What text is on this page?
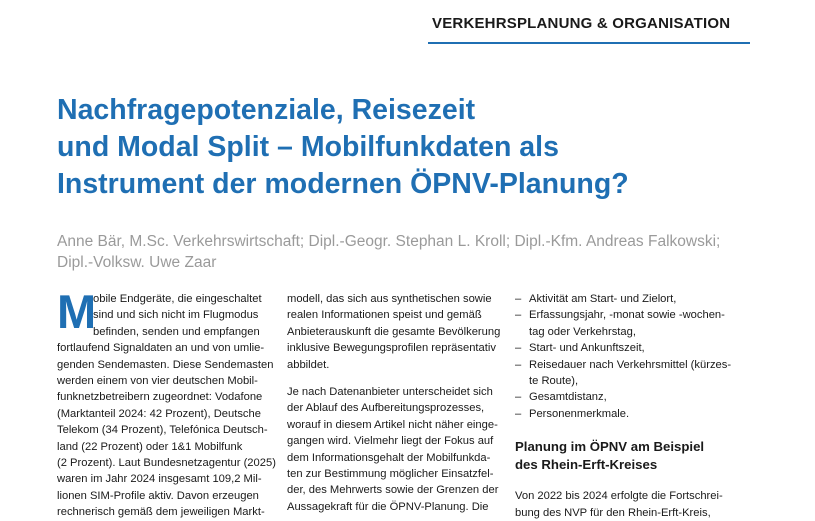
VERKEHRSPLANUNG & ORGANISATION
Nachfragepotenziale, Reisezeit
und Modal Split – Mobilfunkdaten als
Instrument der modernen ÖPNV-Planung?
Anne Bär, M.Sc. Verkehrswirtschaft; Dipl.-Geogr. Stephan L. Kroll; Dipl.-Kfm. Andreas Falkowski;
Dipl.-Volksw. Uwe Zaar
M
obile Endgeräte, die eingeschaltet
sind und sich nicht im Flugmodus
befinden, senden und empfangen
fortlaufend Signaldaten an und von umlie-
genden Sendemasten. Diese Sendemasten
werden einem von vier deutschen Mobil-
funknetzbetreibern zugeordnet: Vodafone
(Marktanteil 2024: 42 Prozent), Deutsche
Telekom (34 Prozent), Telefónica Deutsch-
land (22 Prozent) oder 1&1 Mobilfunk
(2 Prozent). Laut Bundesnetzagentur (2025)
waren im Jahr 2024 insgesamt 109,2 Mil-
lionen SIM-Profile aktiv. Davon erzeugen
rechnerisch gemäß dem jeweiligen Markt-
modell, das sich aus synthetischen sowie
realen Informationen speist und gemäß
Anbieterauskunft die gesamte Bevölkerung
inklusive Bewegungsprofilen repräsentativ
abbildet.
Je nach Datenanbieter unterscheidet sich
der Ablauf des Aufbereitungsprozesses,
worauf in diesem Artikel nicht näher einge-
gangen wird. Vielmehr liegt der Fokus auf
dem Informationsgehalt der Mobilfunkda-
ten zur Bestimmung möglicher Einsatzfel-
der, des Mehrwerts sowie der Grenzen der
Aussagekraft für die ÖPNV-Planung. Die
– Aktivität am Start- und Zielort,
– Erfassungsjahr, -monat sowie -wochen-
tag oder Verkehrstag,
– Start- und Ankunftszeit,
– Reisedauer nach Verkehrsmittel (kürzes-
te Route),
– Gesamtdistanz,
– Personenmerkmale.
Planung im ÖPNV am Beispiel
des Rhein-Erft-Kreises
Von 2022 bis 2024 erfolgte die Fortschrei-
bung des NVP für den Rhein-Erft-Kreis,
